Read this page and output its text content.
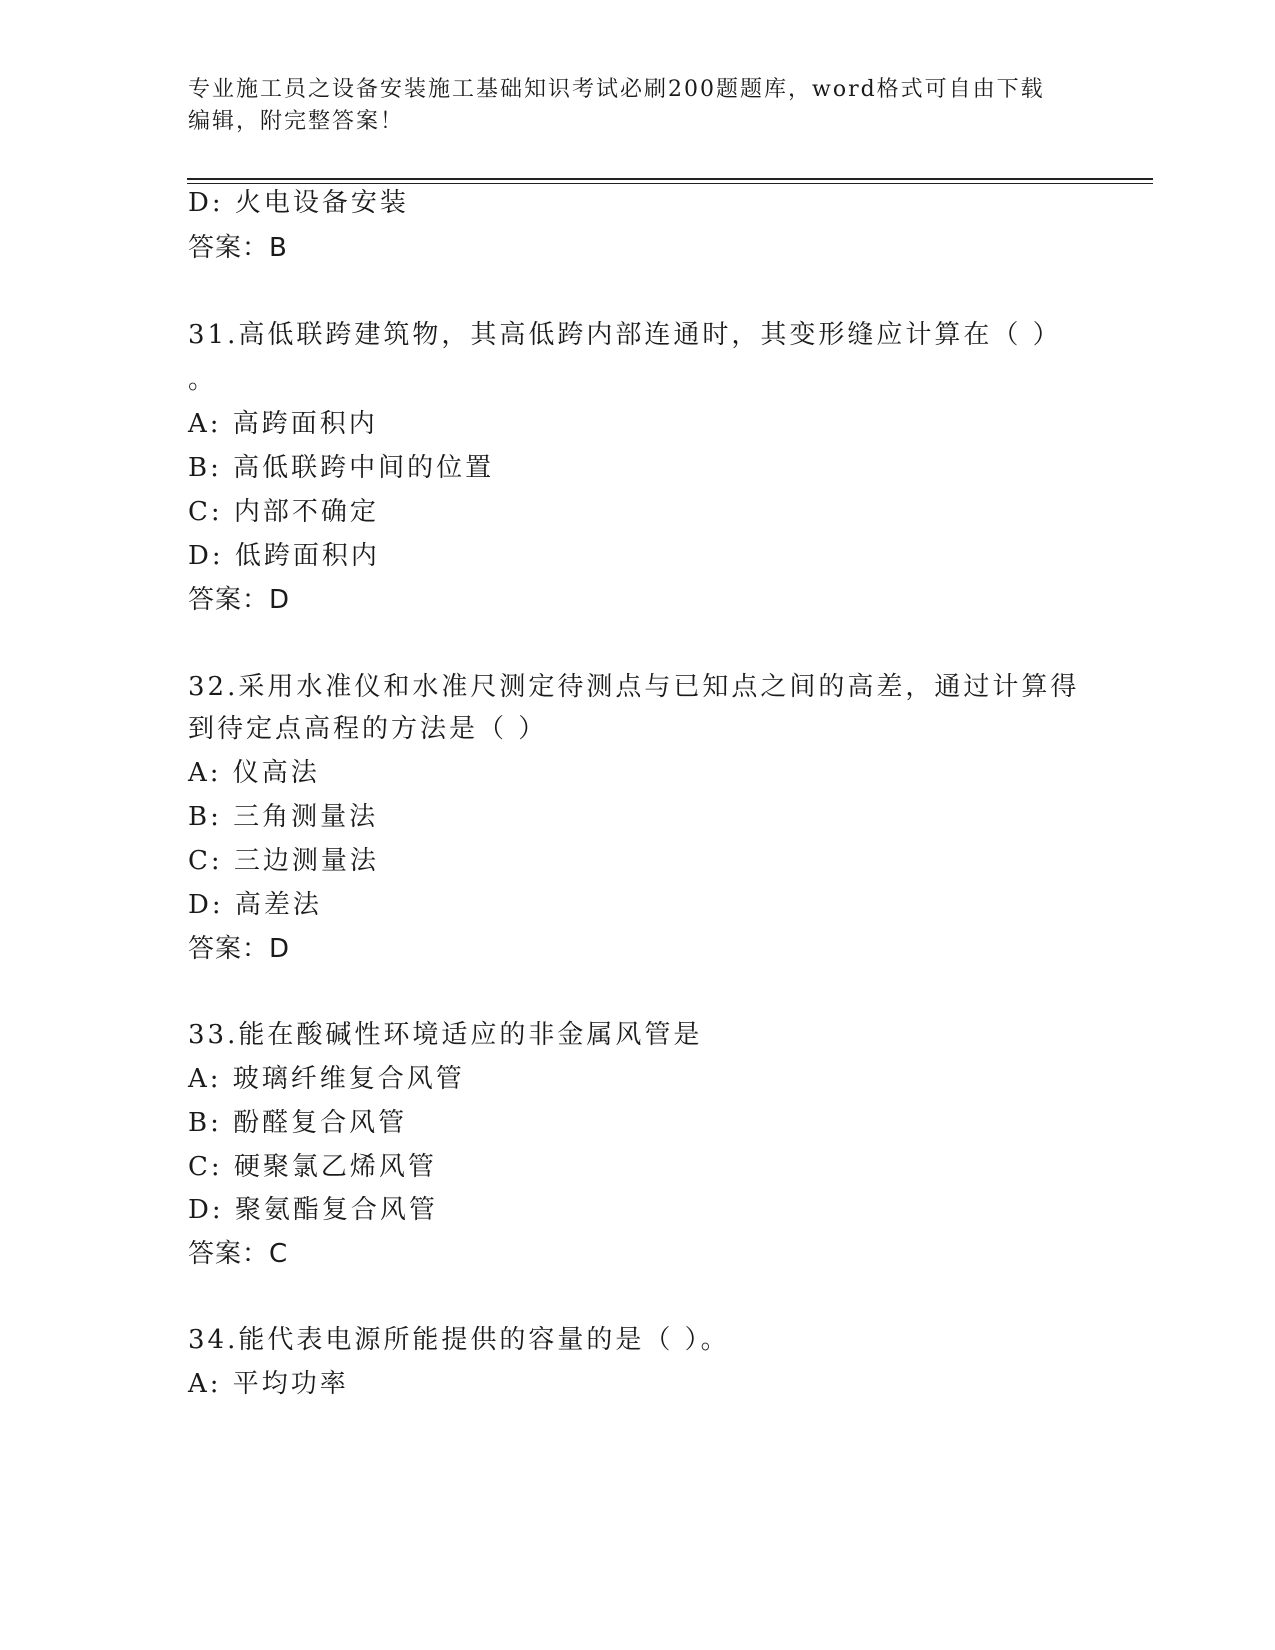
专业施工员之设备安装施工基础知识考试必刷200题题库，word格式可自由下载
编辑，附完整答案！
D: 火电设备安装
答案：B
31.高低联跨建筑物，其高低跨内部连通时，其变形缝应计算在（ ）
。
A: 高跨面积内
B: 高低联跨中间的位置
C: 内部不确定
D: 低跨面积内
答案：D
32.采用水准仪和水准尺测定待测点与已知点之间的高差，通过计算得
到待定点高程的方法是（ ）
A: 仪高法
B: 三角测量法
C: 三边测量法
D: 高差法
答案：D
33.能在酸碱性环境适应的非金属风管是
A: 玻璃纤维复合风管
B: 酚醛复合风管
C: 硬聚氯乙烯风管
D: 聚氨酯复合风管
答案：C
34.能代表电源所能提供的容量的是（ ）。
A: 平均功率
